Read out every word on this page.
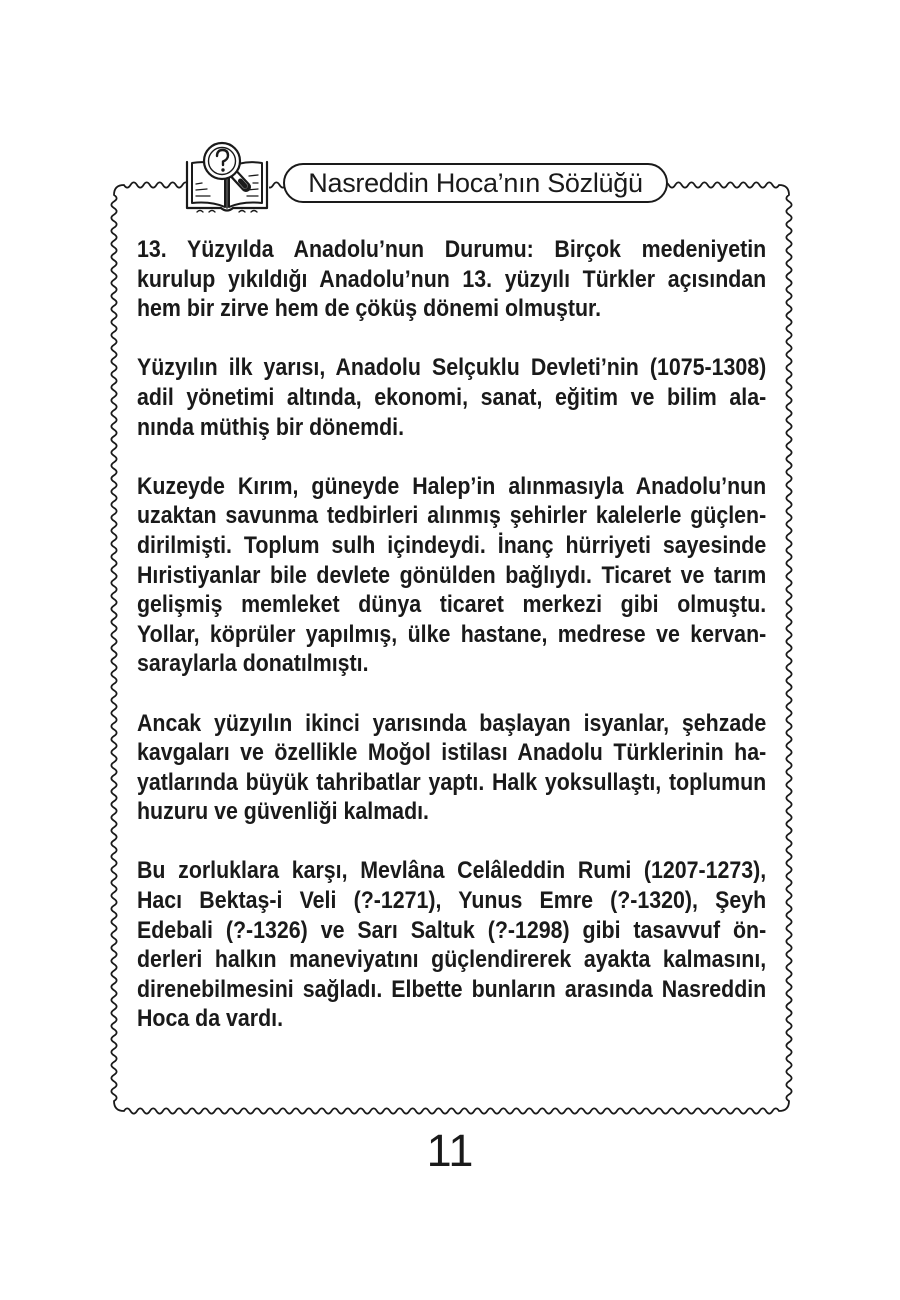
Nasreddin Hoca’nın Sözlüğü
13. Yüzyılda Anadolu’nun Durumu: Birçok medeniyetin
kurulup yıkıldığı Anadolu’nun 13. yüzyılı Türkler açısından
hem bir zirve hem de çöküş dönemi olmuştur.
Yüzyılın ilk yarısı, Anadolu Selçuklu Devleti’nin (1075-1308)
adil yönetimi altında, ekonomi, sanat, eğitim ve bilim ala-
nında müthiş bir dönemdi.
Kuzeyde Kırım, güneyde Halep’in alınmasıyla Anadolu’nun
uzaktan savunma tedbirleri alınmış şehirler kalelerle güçlen-
dirilmişti. Toplum sulh içindeydi. İnanç hürriyeti sayesinde
Hıristiyanlar bile devlete gönülden bağlıydı. Ticaret ve tarım
gelişmiş memleket dünya ticaret merkezi gibi olmuştu.
Yollar, köprüler yapılmış, ülke hastane, medrese ve kervan-
saraylarla donatılmıştı.
Ancak yüzyılın ikinci yarısında başlayan isyanlar, şehzade
kavgaları ve özellikle Moğol istilası Anadolu Türklerinin ha-
yatlarında büyük tahribatlar yaptı. Halk yoksullaştı, toplumun
huzuru ve güvenliği kalmadı.
Bu zorluklara karşı, Mevlâna Celâleddin Rumi (1207-1273),
Hacı Bektaş-i Veli (?-1271), Yunus Emre (?-1320), Şeyh
Edebali (?-1326) ve Sarı Saltuk (?-1298) gibi tasavvuf ön-
derleri halkın maneviyatını güçlendirerek ayakta kalmasını,
direnebilmesini sağladı. Elbette bunların arasında Nasreddin
Hoca da vardı.
11
